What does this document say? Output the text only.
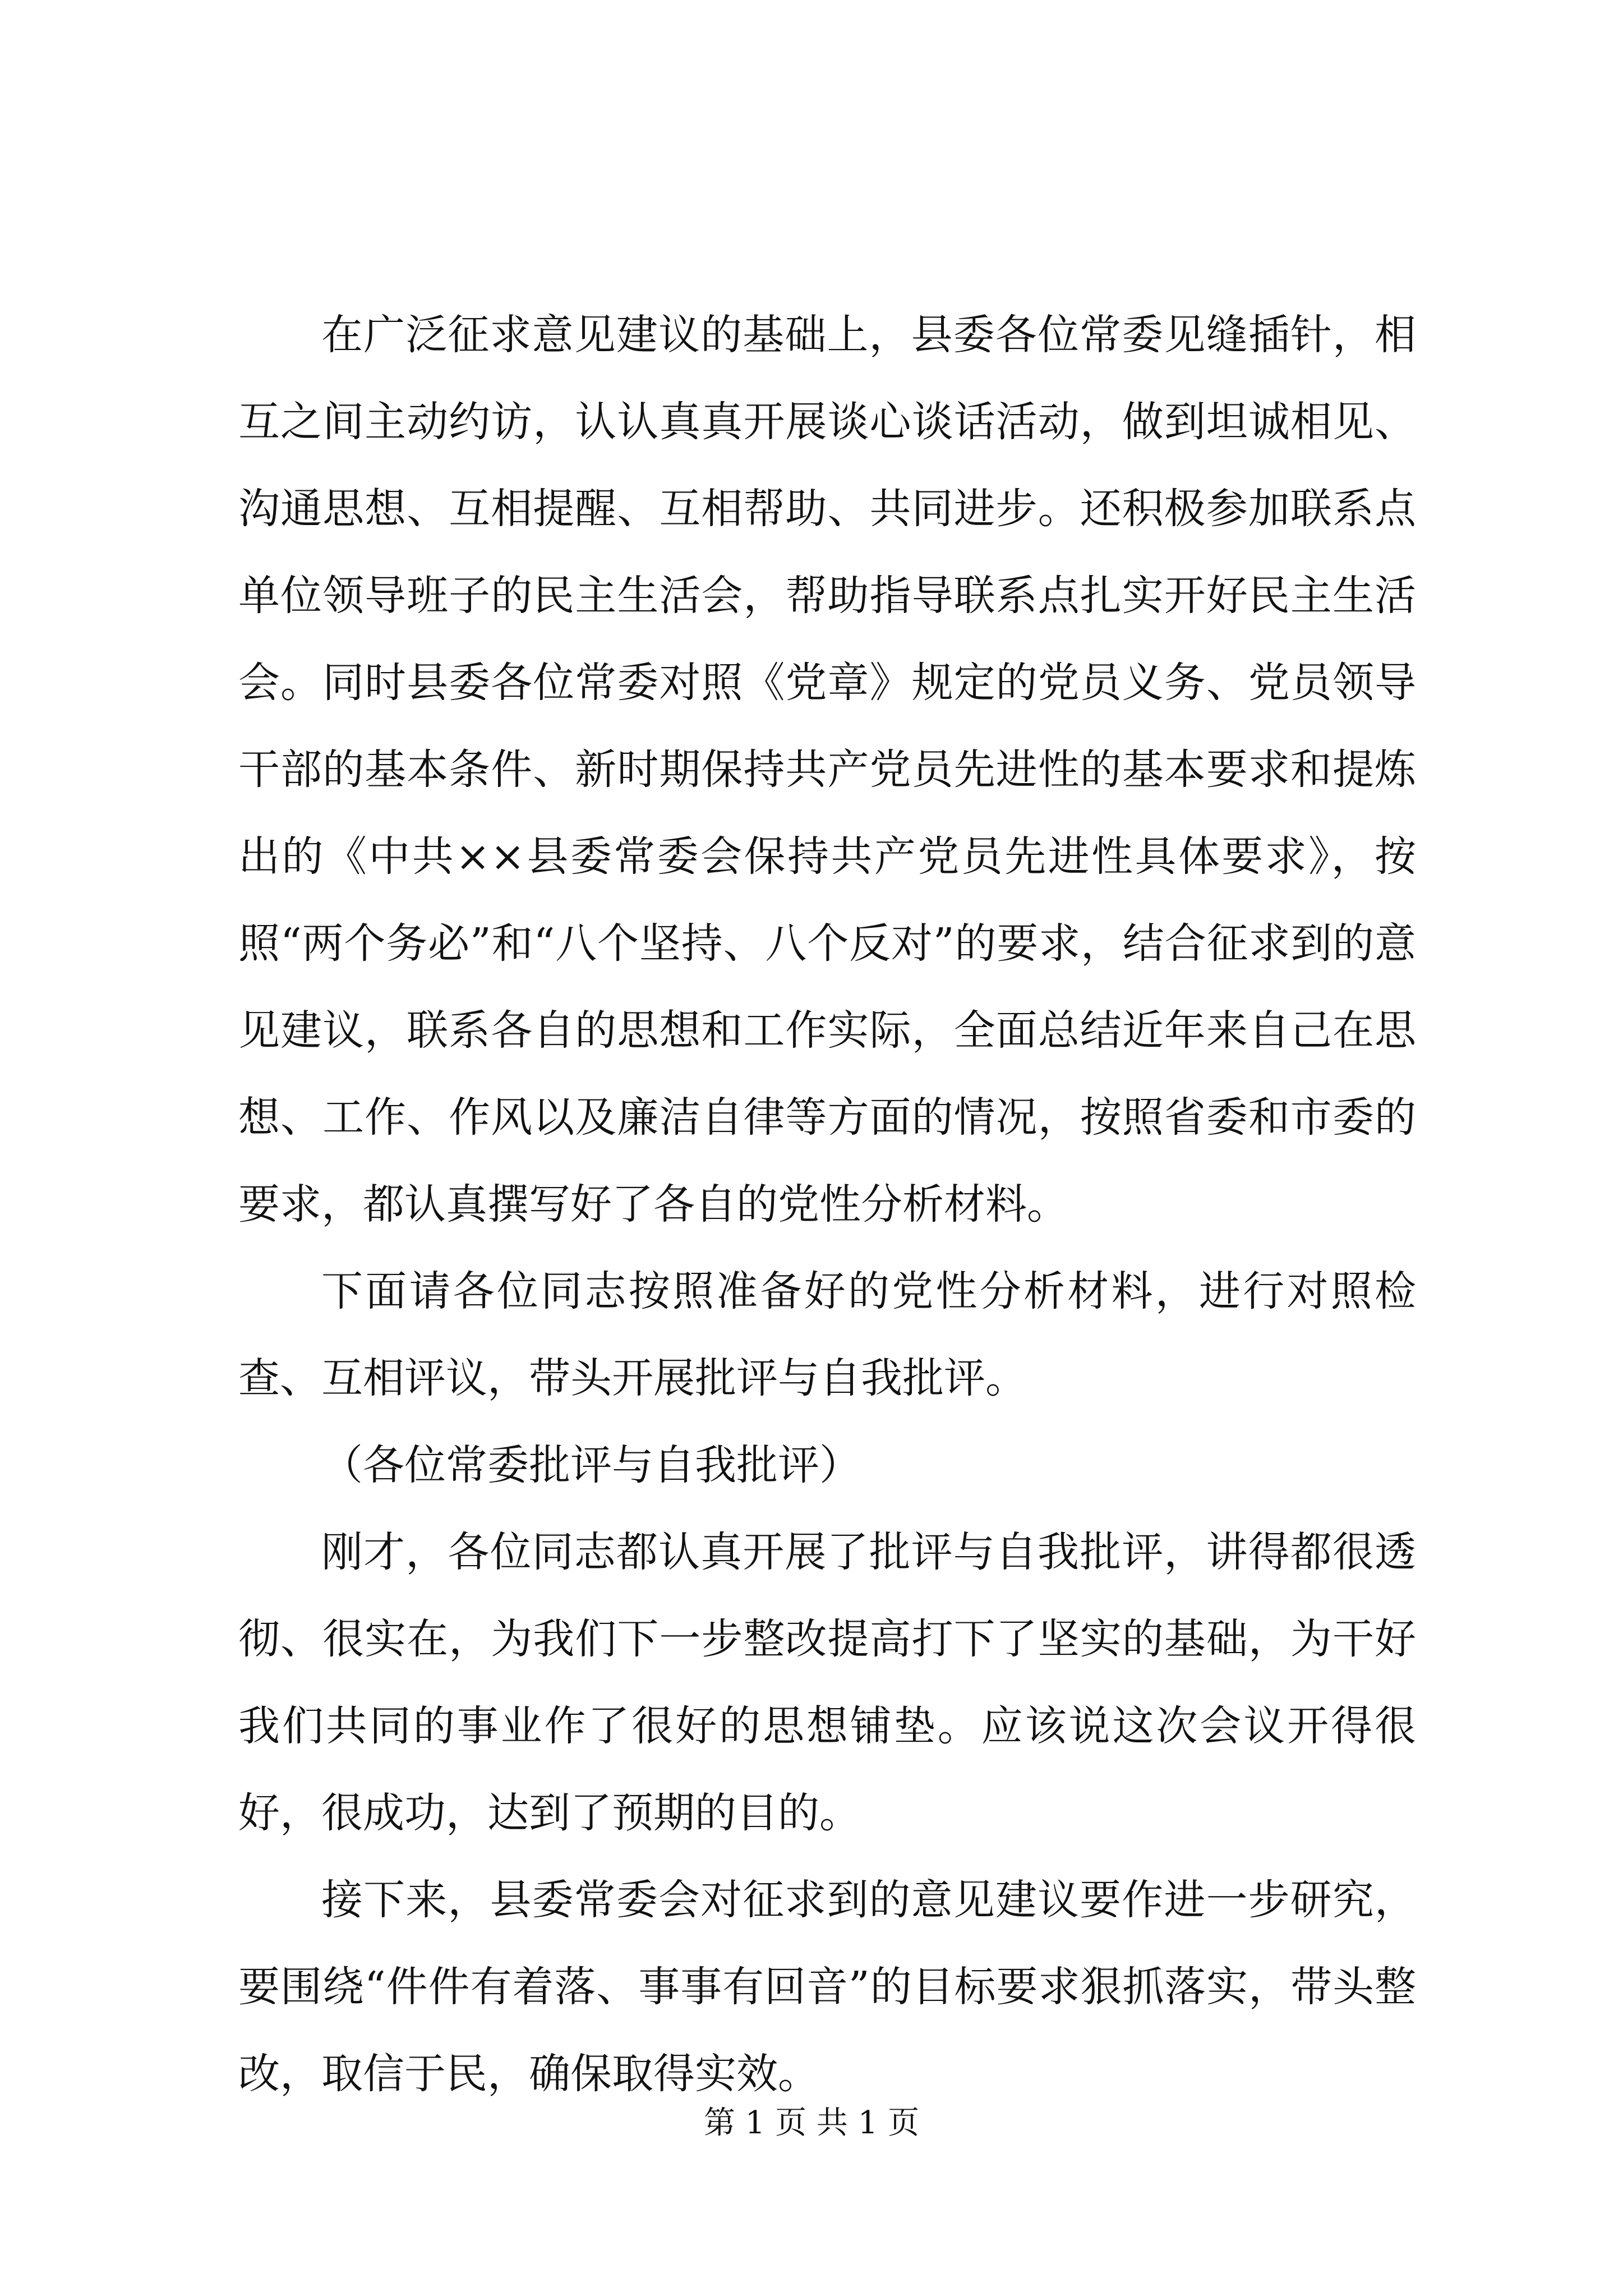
在广泛征求意见建议的基础上，县委各位常委见缝插针，相互之间主动约访，认认真真开展谈心谈话活动，做到坦诚相见、沟通思想、互相提醒、互相帮助、共同进步。还积极参加联系点单位领导班子的民主生活会，帮助指导联系点扎实开好民主生活会。同时县委各位常委对照《党章》规定的党员义务、党员领导干部的基本条件、新时期保持共产党员先进性的基本要求和提炼出的《中共××县委常委会保持共产党员先进性具体要求》，按照“两个务必”和“八个坚持、八个反对”的要求，结合征求到的意见建议，联系各自的思想和工作实际，全面总结近年来自己在思想、工作、作风以及廉洁自律等方面的情况，按照省委和市委的要求，都认真撰写好了各自的党性分析材料。

下面请各位同志按照准备好的党性分析材料，进行对照检查、互相评议，带头开展批评与自我批评。

（各位常委批评与自我批评）

刚才，各位同志都认真开展了批评与自我批评，讲得都很透彻、很实在，为我们下一步整改提高打下了坚实的基础，为干好我们共同的事业作了很好的思想铺垫。应该说这次会议开得很好，很成功，达到了预期的目的。

接下来，县委常委会对征求到的意见建议要作进一步研究，要围绕“件件有着落、事事有回音”的目标要求狠抓落实，带头整改，取信于民，确保取得实效。

第 1 页 共 1 页
